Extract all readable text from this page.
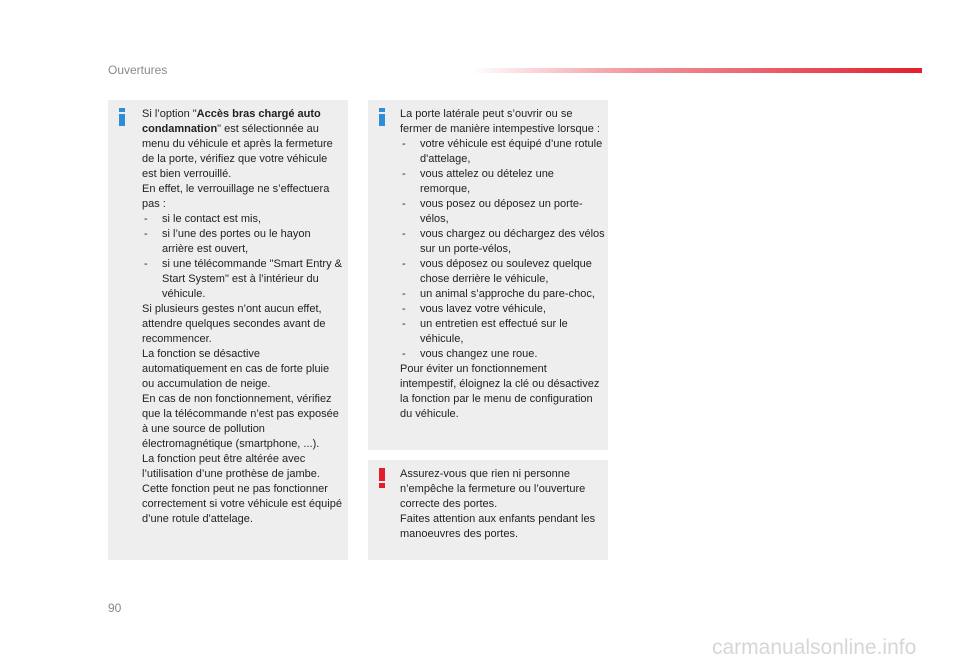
Ouvertures

Si l’option "Accès bras chargé auto condamnation" est sélectionnée au menu du véhicule et après la fermeture de la porte, vérifiez que votre véhicule est bien verrouillé.

En effet, le verrouillage ne s’effectuera pas :

- si le contact est mis,
- si l’une des portes ou le hayon arrière est ouvert,
- si une télécommande "Smart Entry & Start System" est à l’intérieur du véhicule.

Si plusieurs gestes n’ont aucun effet, attendre quelques secondes avant de recommencer.

La fonction se désactive automatiquement en cas de forte pluie ou accumulation de neige.

En cas de non fonctionnement, vérifiez que la télécommande n’est pas exposée à une source de pollution électromagnétique (smartphone, ...).

La fonction peut être altérée avec l’utilisation d’une prothèse de jambe.

Cette fonction peut ne pas fonctionner correctement si votre véhicule est équipé d’une rotule d'attelage.

La porte latérale peut s’ouvrir ou se fermer de manière intempestive lorsque :

- votre véhicule est équipé d’une rotule d'attelage,
- vous attelez ou dételez une remorque,
- vous posez ou déposez un porte-vélos,
- vous chargez ou déchargez des vélos sur un porte-vélos,
- vous déposez ou soulevez quelque chose derrière le véhicule,
- un animal s’approche du pare-choc,
- vous lavez votre véhicule,
- un entretien est effectué sur le véhicule,
- vous changez une roue.

Pour éviter un fonctionnement intempestif, éloignez la clé ou désactivez la fonction par le menu de configuration du véhicule.

Assurez-vous que rien ni personne n’empêche la fermeture ou l’ouverture correcte des portes.

Faites attention aux enfants pendant les manoeuvres des portes.

90
carmanualsonline.info
